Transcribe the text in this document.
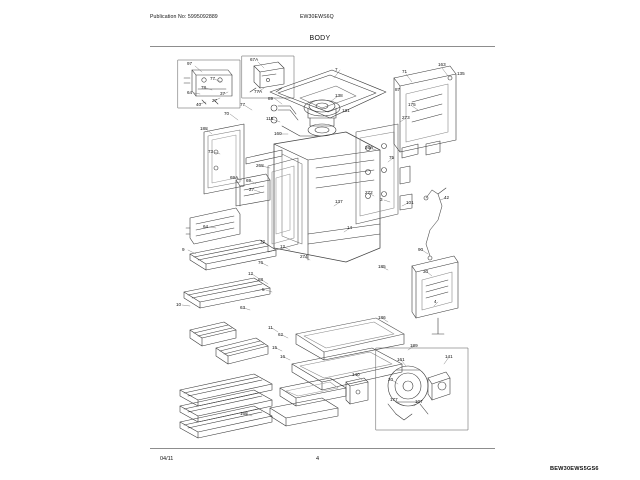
Publication No: 5995092889	EW30EWS6Q
BODY
BEW30EWS5GS6
97
67A
7	71
163
135
87
77
77A
78
64	37
27
40
138
89
175
77
131
273
70
115
188
160
26A
73
75
268
69A
69
27
272
3	42
137	101
64	14
9
72
12
76
274
90
185
30
12
88
5
10
63
4
186
11
62
15
16
189
140
161
141
20
177	107
168
04/11	4
